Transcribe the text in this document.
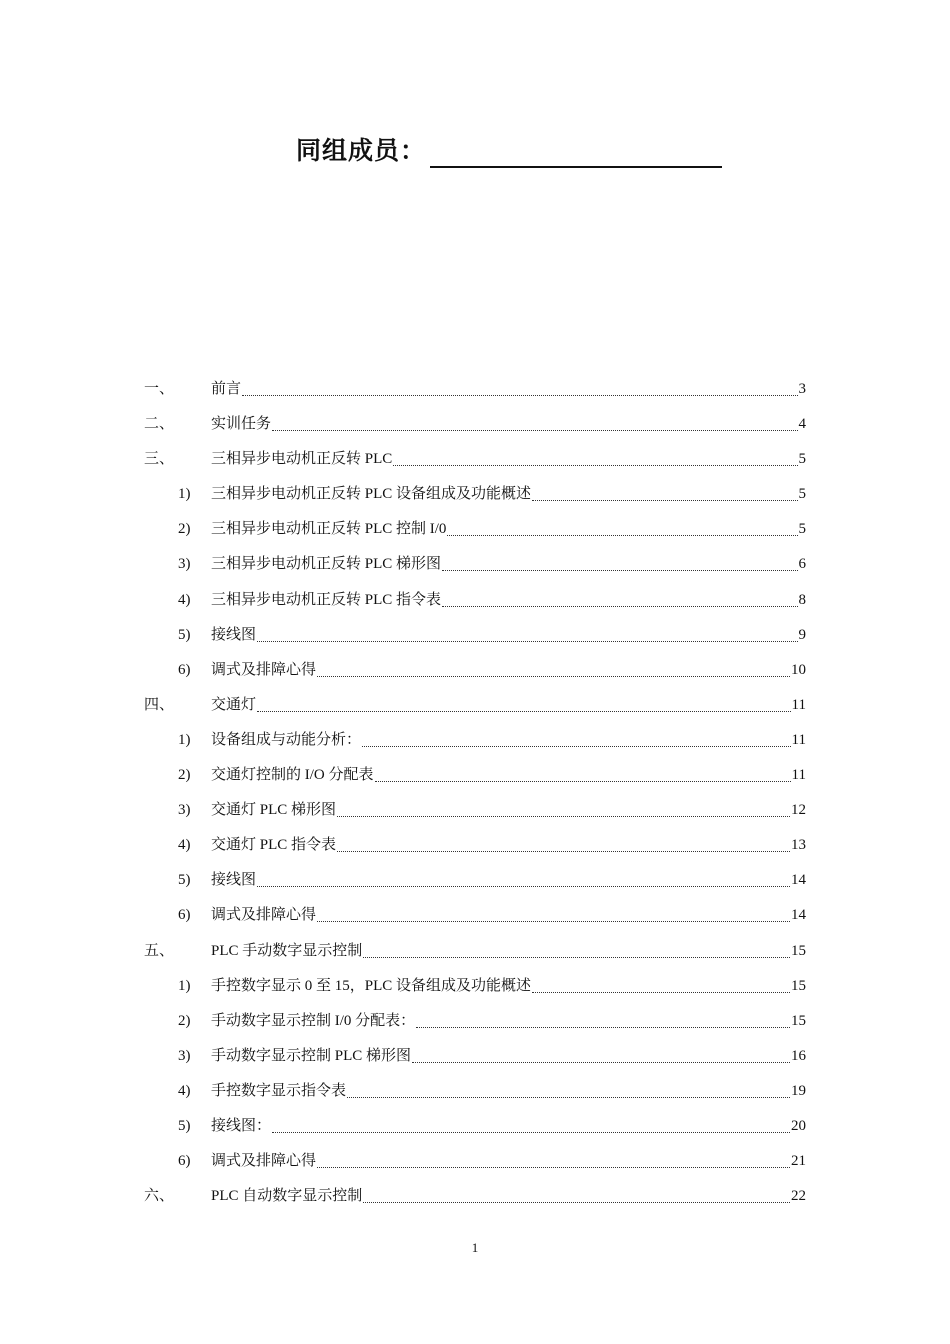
同组成员：
一、 前言	3
二、 实训任务	4
三、 三相异步电动机正反转 PLC	5
1) 三相异步电动机正反转 PLC 设备组成及功能概述	5
2) 三相异步电动机正反转 PLC 控制 I/0	5
3) 三相异步电动机正反转 PLC 梯形图	6
4) 三相异步电动机正反转 PLC 指令表	8
5) 接线图	9
6) 调式及排障心得	10
四、 交通灯	11
1) 设备组成与动能分析：	11
2) 交通灯控制的 I/O 分配表	11
3) 交通灯 PLC 梯形图	12
4) 交通灯 PLC 指令表	13
5) 接线图	14
6) 调式及排障心得	14
五、 PLC 手动数字显示控制	15
1) 手控数字显示 0 至 15，PLC 设备组成及功能概述	15
2) 手动数字显示控制 I/0 分配表：	15
3) 手动数字显示控制 PLC 梯形图	16
4) 手控数字显示指令表	19
5) 接线图：	20
6) 调式及排障心得	21
六、 PLC 自动数字显示控制	22
1
